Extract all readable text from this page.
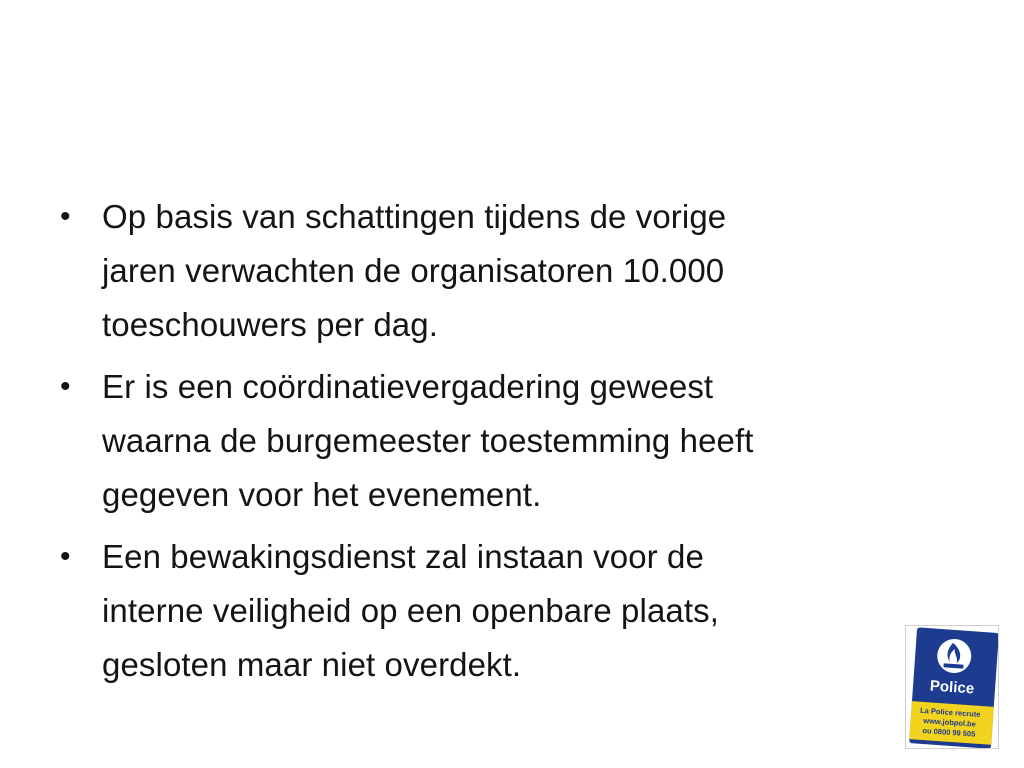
• Op basis van schattingen tijdens de vorige
jaren verwachten de organisatoren 10.000
toeschouwers per dag.
• Er is een coördinatievergadering geweest
waarna de burgemeester toestemming heeft
gegeven voor het evenement.
• Een bewakingsdienst zal instaan voor de
interne veiligheid op een openbare plaats,
gesloten maar niet overdekt.
Police
La Police recrute
www.jobpol.be
ou 0800 99 505
